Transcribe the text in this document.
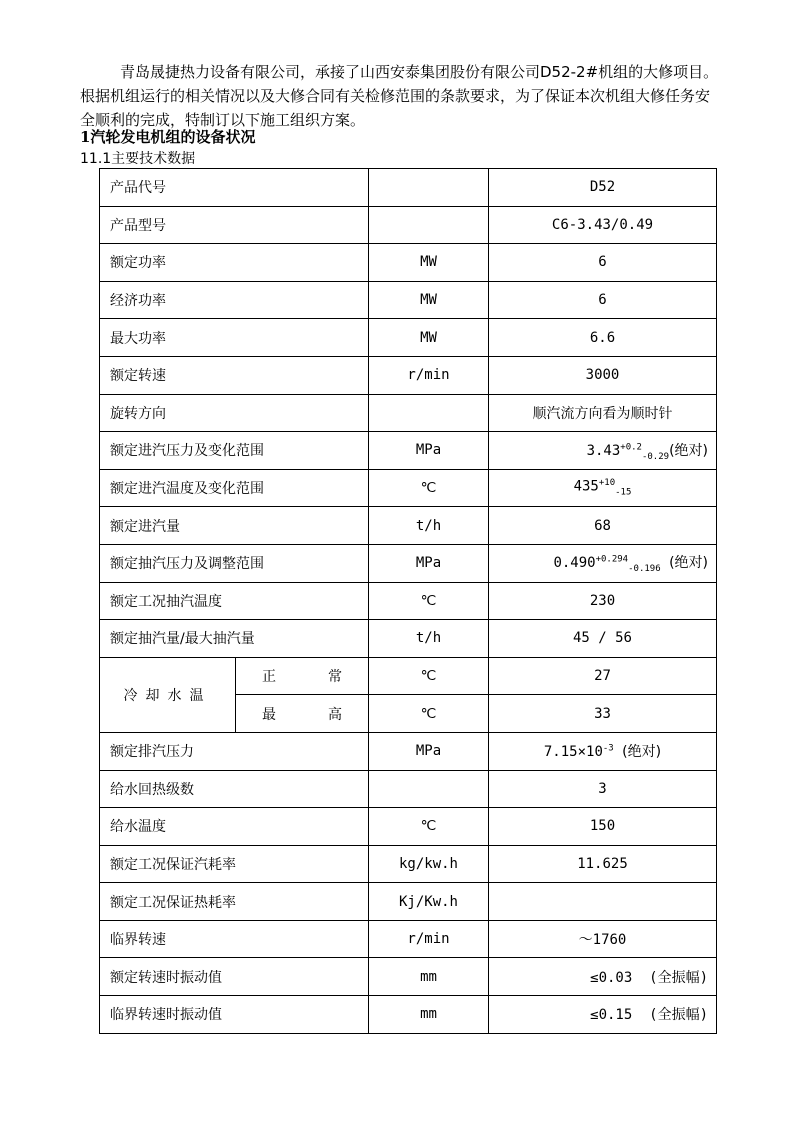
青岛晟捷热力设备有限公司，承接了山西安泰集团股份有限公司D52-2#机组的大修项目。根据机组运行的相关情况以及大修合同有关检修范围的条款要求，为了保证本次机组大修任务安全顺利的完成，特制订以下施工组织方案。

1汽轮发电机组的设备状况

11.1主要技术数据

产品代号			D52
产品型号			C6-3.43/0.49
额定功率		MW	6
经济功率		MW	6
最大功率		MW	6.6
额定转速		r/min	3000
旋转方向			顺汽流方向看为顺时针
额定进汽压力及变化范围		MPa	$3.43^{+0.2}_{-0.29}$(绝对)
额定进汽温度及变化范围		℃	$435^{+10}_{-15}$
额定进汽量		t/h	68
额定抽汽压力及调整范围		MPa	$0.490^{+0.294}_{-0.196}$ (绝对)
额定工况抽汽温度		℃	230
额定抽汽量/最大抽汽量		t/h	45 / 56
冷却水温	正 常	℃	27

	最 高	℃	33
额定排汽压力		MPa	$7.15\times 10^{-3}$ (绝对)
给水回热级数			3
给水温度		℃	150
额定工况保证汽耗率		kg/kw.h	11.625
额定工况保证热耗率		Kj/Kw.h	
临界转速		r/min	～1760
额定转速时振动值		mm	≤0.03  (全振幅)
临界转速时振动值		mm	≤0.15  (全振幅)
